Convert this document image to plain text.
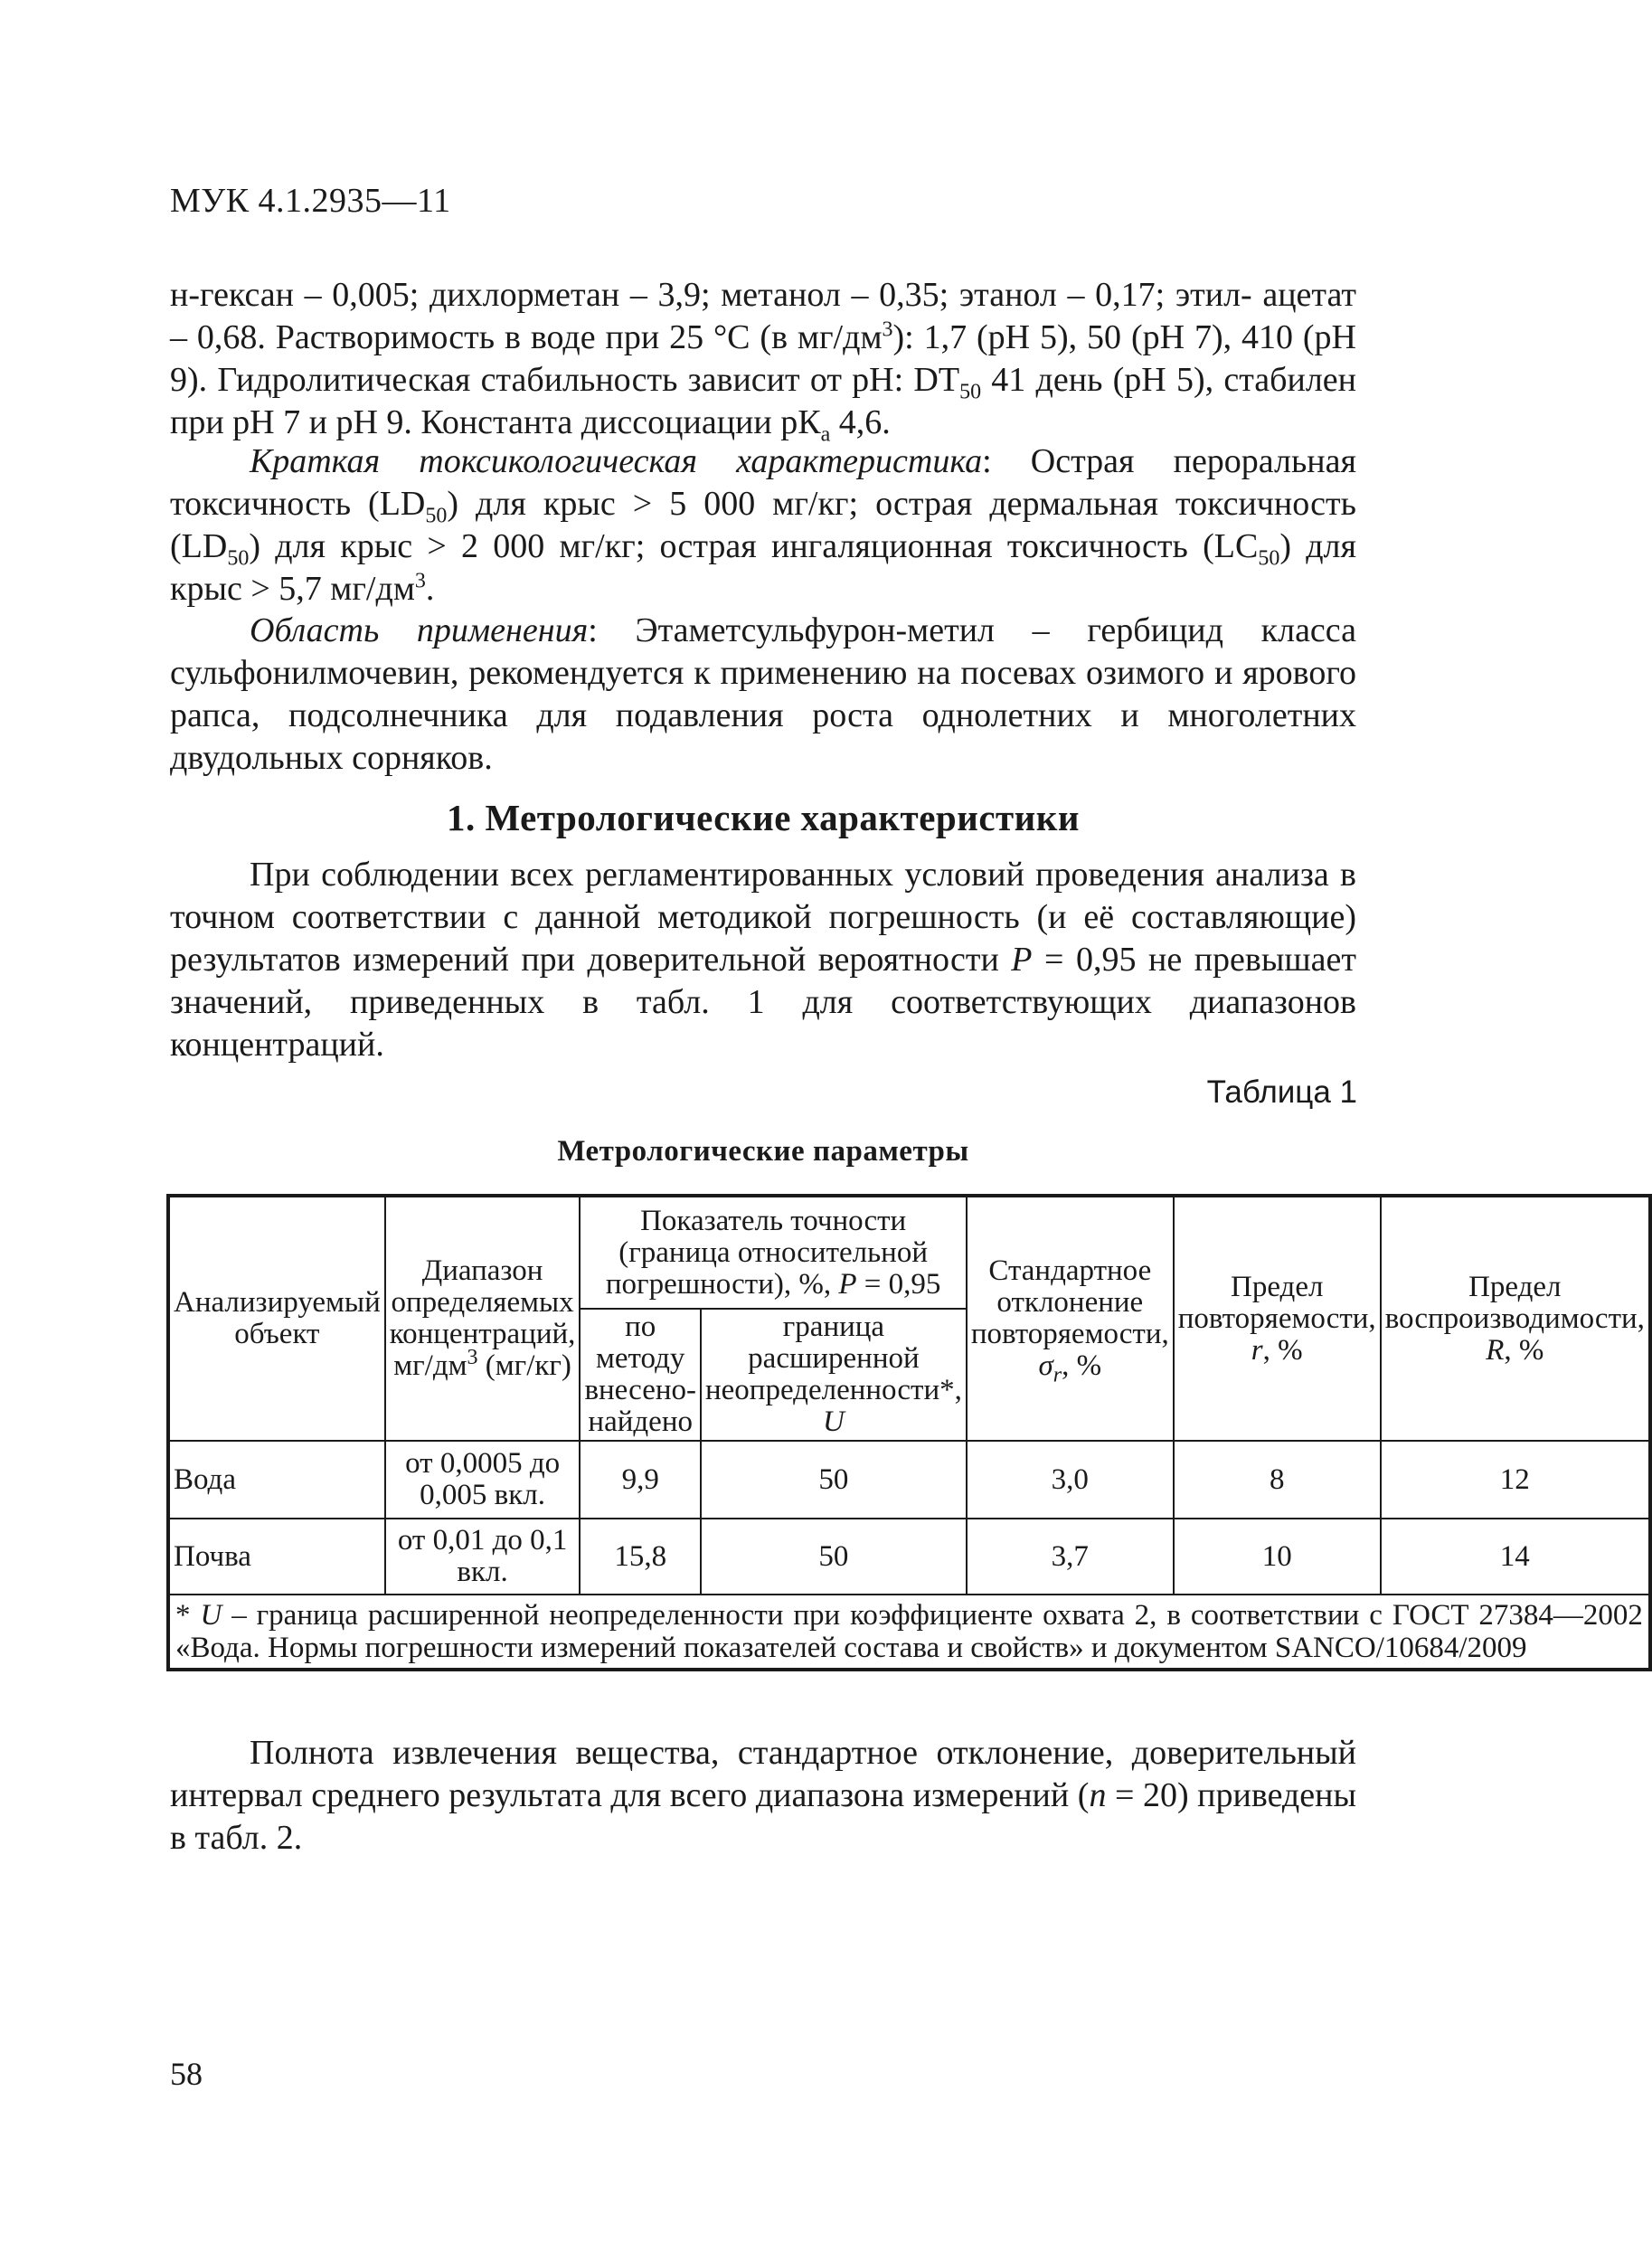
МУК 4.1.2935—11

н-гексан – 0,005; дихлорметан – 3,9; метанол – 0,35; этанол – 0,17; этил- ацетат – 0,68. Растворимость в воде при 25 °С (в $мг/дм^3$): 1,7 (рН 5), 50 (рН 7), 410 (рН 9). Гидролитическая стабильность зависит от рН: $DT_{50}$ 41 день (рН 5), стабилен при рН 7 и рН 9. Константа диссоциации $рК_а$ 4,6.

Краткая токсикологическая характеристика: Острая пероральная токсичность $(LD_{50})$ для крыс > 5 000 мг/кг; острая дермальная токсичность $(LD_{50})$ для крыс > 2 000 мг/кг; острая ингаляционная токсичность $(LC_{50})$ для крыс > 5,7 $мг/дм^3$.

Область применения: Этаметсульфурон-метил – гербицид класса сульфонилмочевин, рекомендуется к применению на посевах озимого и ярового рапса, подсолнечника для подавления роста однолетних и многолетних двудольных сорняков.

1. Метрологические характеристики

При соблюдении всех регламентированных условий проведения анализа в точном соответствии с данной методикой погрешность (и её составляющие) результатов измерений при доверительной вероятности Р = 0,95 не превышает значений, приведенных в табл. 1 для соответствующих диапазонов концентраций.

Таблица 1
Метрологические параметры
Анализируемый объект	Диапазон определяемых концентраций, $мг/дм^3$ (мг/кг)	Показатель точности (граница относительной погрешности), %, Р = 0,95		Стандартное отклонение повторяемости, $\sigma_r$, %	Предел повторяемости, r, %	Предел воспроизводимости, R, %
		по методу внесено-найдено	граница расширенной неопределенности*, U			
Вода	от 0,0005 до 0,005 вкл.	9,9	50	3,0	8	12
Почва	от 0,01 до 0,1 вкл.	15,8	50	3,7	10	14
* U – граница расширенной неопределенности при коэффициенте охвата 2, в соответствии с ГОСТ 27384—2002 «Вода. Нормы погрешности измерений показателей состава и свойств» и документом SANCO/10684/2009						

Полнота извлечения вещества, стандартное отклонение, доверительный интервал среднего результата для всего диапазона измерений (n = 20) приведены в табл. 2.

58
